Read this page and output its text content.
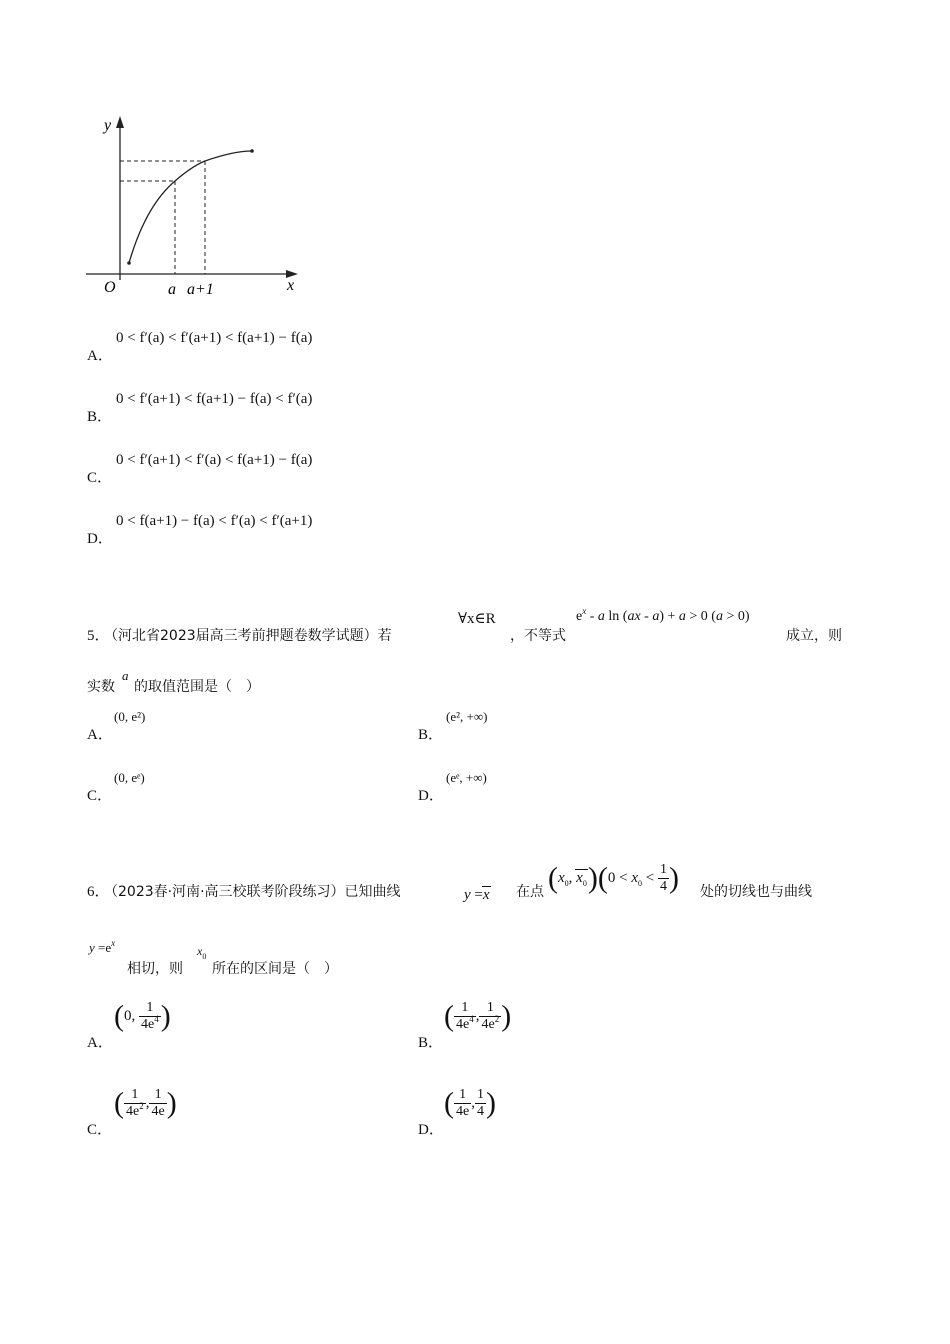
y
x
O	a a+1
A．
0 < f′(a) < f′(a+1) < f(a+1) − f(a)
B．
0 < f′(a+1) < f(a+1) − f(a) < f′(a)
C．
0 < f′(a+1) < f′(a) < f(a+1) − f(a)
D．
0 < f(a+1) − f(a) < f′(a) < f′(a+1)
5．
（河北省2023届高三考前押题卷数学试题）若
∀x∈R
，不等式
$e^x$ - a ln (ax - a) + a > 0 (a > 0)
成立，则
实数
a
的取值范围是（　）
A．
(0, e²)
B．
(e², +∞)
C．
(0, eᵉ)
D．
(eᵉ, +∞)
6．
（2023春·河南·高三校联考阶段练习）已知曲线	y =x 在点 ($x_0$, $x_0)(0 < x_0 < \frac{1}{4}$ ) 处的切线也与曲线
$y =e^x$
相切，则
$x_0$
所在的区间是（　）
A．
(0, $\frac{1}{4e^4}$ )
B．
( $\frac{1}{4e^4}$ , $\frac{1}{4e^2}$ )
C．
( $\frac{1}{4e^2}$ , $\frac{1}{4e}$ )
D．
( $\frac{1}{4e}$ , $\frac{1}{4}$ )
